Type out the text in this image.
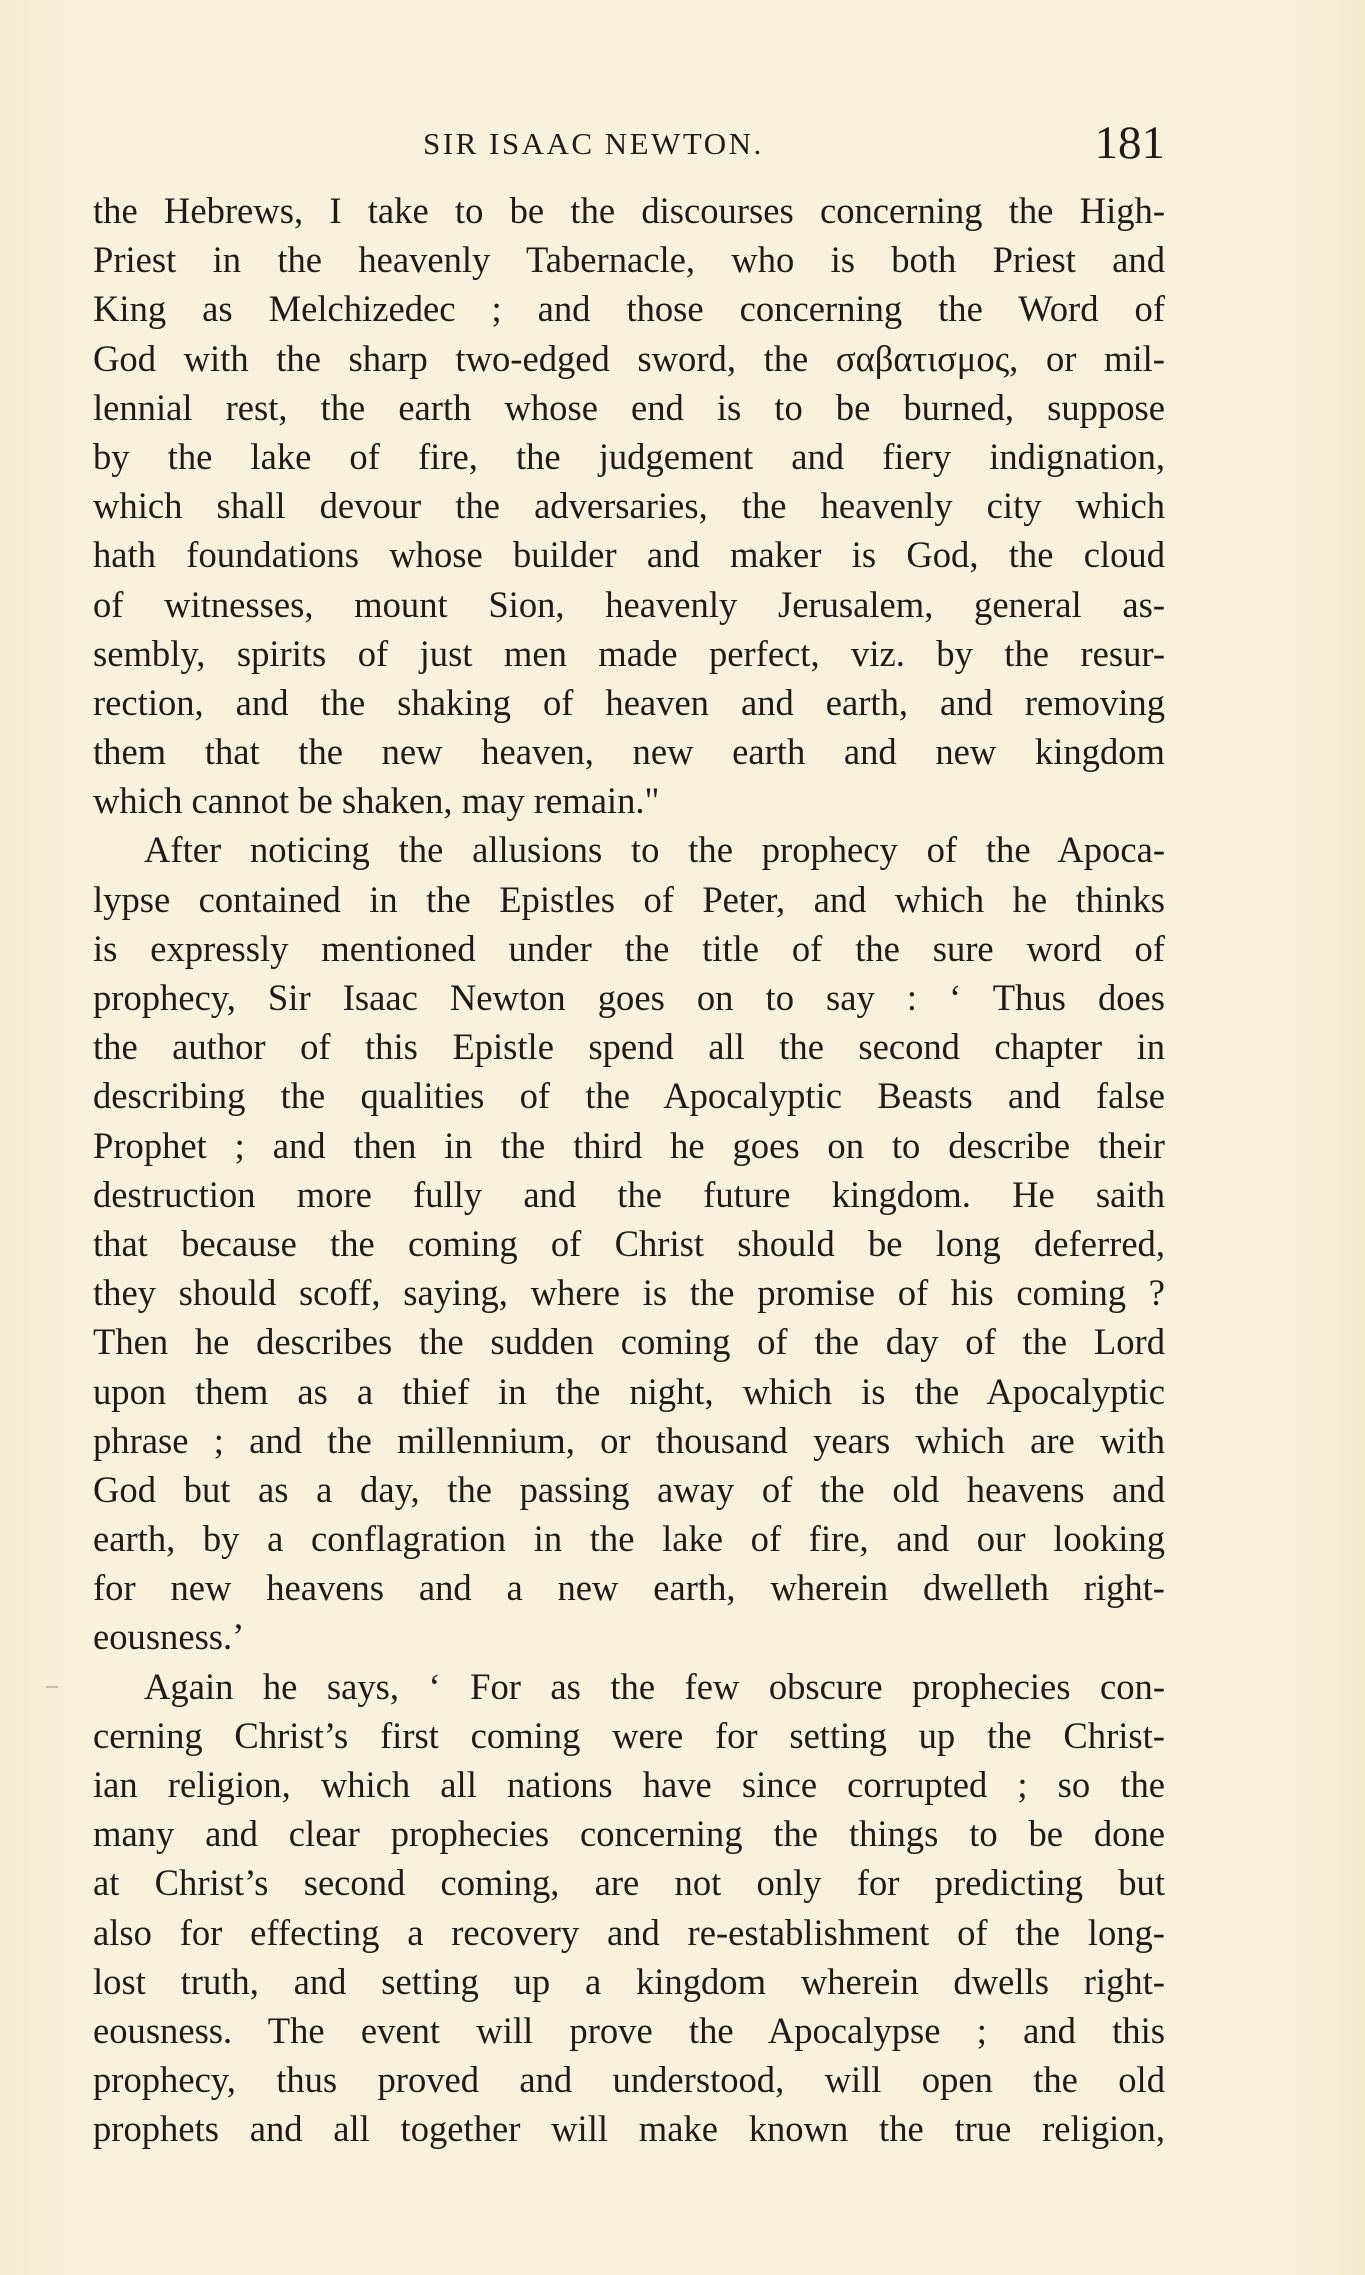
SIR ISAAC NEWTON.	181
the Hebrews, I take to be the discourses concerning the High-
Priest in the heavenly Tabernacle, who is both Priest and
King as Melchizedec ; and those concerning the Word of
God with the sharp two-edged sword, the σαβατισμος, or mil-
lennial rest, the earth whose end is to be burned, suppose
by the lake of fire, the judgement and fiery indignation,
which shall devour the adversaries, the heavenly city which
hath foundations whose builder and maker is God, the cloud
of witnesses, mount Sion, heavenly Jerusalem, general as-
sembly, spirits of just men made perfect, viz. by the resur-
rection, and the shaking of heaven and earth, and removing
them that the new heaven, new earth and new kingdom
which cannot be shaken, may remain."
After noticing the allusions to the prophecy of the Apoca-
lypse contained in the Epistles of Peter, and which he thinks
is expressly mentioned under the title of the sure word of
prophecy, Sir Isaac Newton goes on to say : ‘ Thus does
the author of this Epistle spend all the second chapter in
describing the qualities of the Apocalyptic Beasts and false
Prophet ; and then in the third he goes on to describe their
destruction more fully and the future kingdom. He saith
that because the coming of Christ should be long deferred,
they should scoff, saying, where is the promise of his coming ?
Then he describes the sudden coming of the day of the Lord
upon them as a thief in the night, which is the Apocalyptic
phrase ; and the millennium, or thousand years which are with
God but as a day, the passing away of the old heavens and
earth, by a conflagration in the lake of fire, and our looking
for new heavens and a new earth, wherein dwelleth right-
eousness.’
Again he says, ‘ For as the few obscure prophecies con-
cerning Christ’s first coming were for setting up the Christ-
ian religion, which all nations have since corrupted ; so the
many and clear prophecies concerning the things to be done
at Christ’s second coming, are not only for predicting but
also for effecting a recovery and re-establishment of the long-
lost truth, and setting up a kingdom wherein dwells right-
eousness. The event will prove the Apocalypse ; and this
prophecy, thus proved and understood, will open the old
prophets and all together will make known the true religion,
